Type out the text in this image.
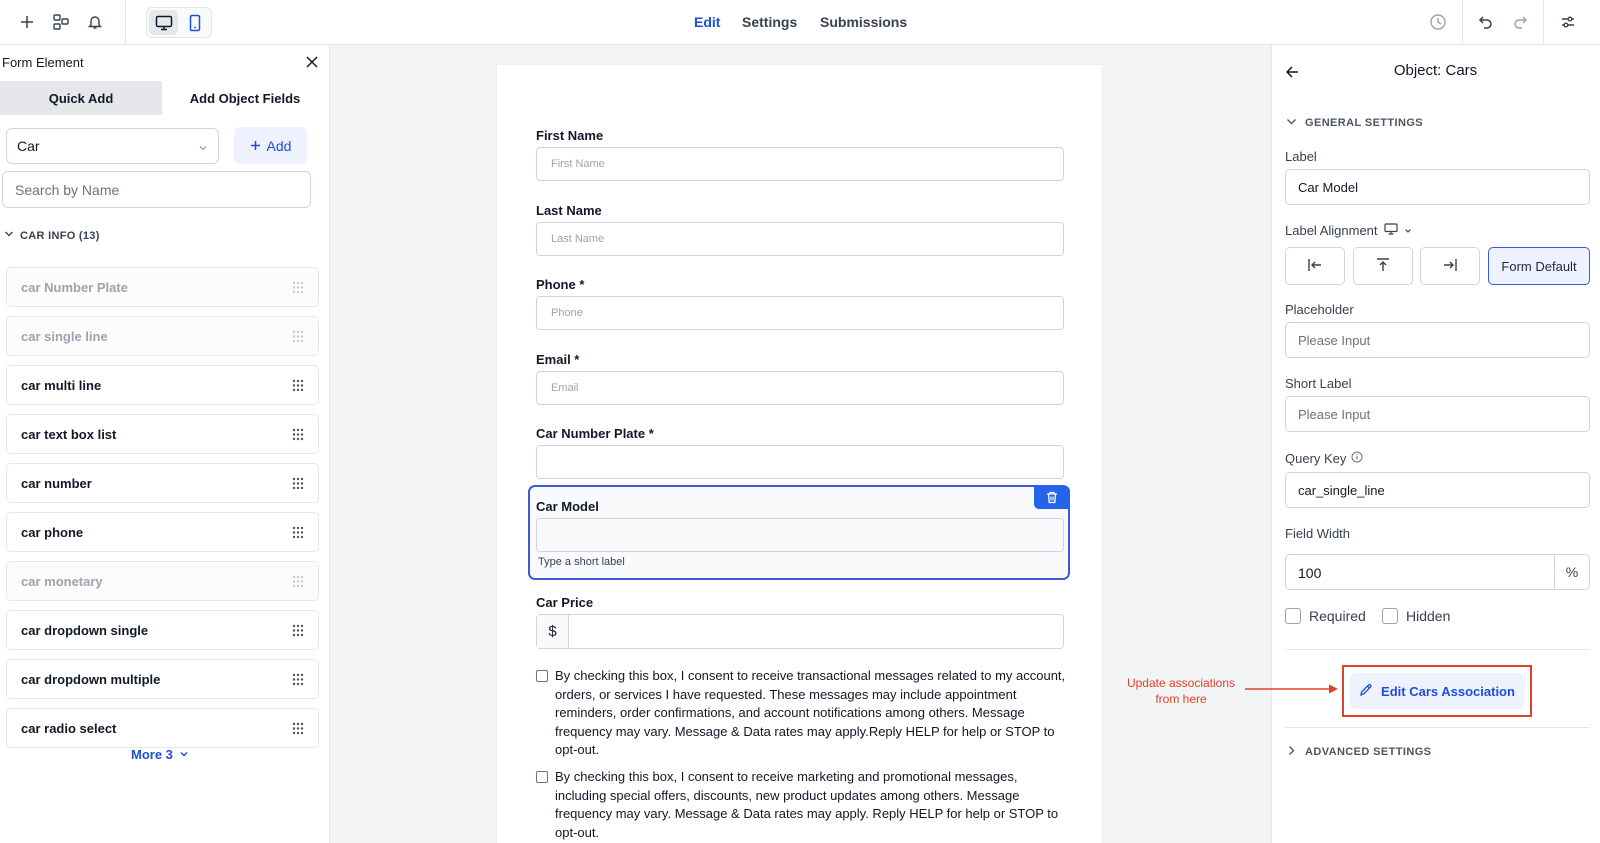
Edit Settings Submissions
Form Element
Quick Add	Add Object Fields
Car	Add
Search by Name
CAR INFO (13)
car Number Plate
car single line
car multi line
car text box list
car number
car phone
car monetary
car dropdown single
car dropdown multiple
car radio select
More 3
First Name
First Name
Last Name
Last Name
Phone *
Phone
Email *
Email
Car Number Plate *
Car Model
Type a short label
Car Price
$
By checking this box, I consent to receive transactional messages related to my account, orders, or services I have requested. These messages may include appointment reminders, order confirmations, and account notifications among others. Message frequency may vary. Message & Data rates may apply.Reply HELP for help or STOP to opt-out.
By checking this box, I consent to receive marketing and promotional messages, including special offers, discounts, new product updates among others. Message frequency may vary. Message & Data rates may apply. Reply HELP for help or STOP to opt-out.
Object: Cars
GENERAL SETTINGS
Label
Car Model
Label Alignment
Form Default
Placeholder
Please Input
Short Label
Please Input
Query Key
car_single_line
Field Width
100	%
Required	Hidden
Edit Cars Association
Update associations from here
ADVANCED SETTINGS
